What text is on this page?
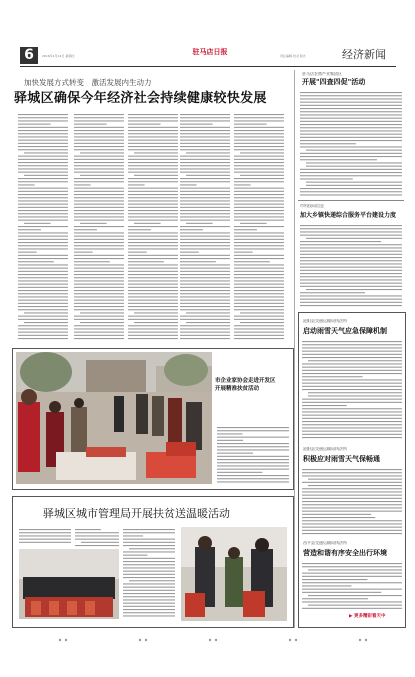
6	2016年1月14日 星期四	驻马店日报	责任编辑 校对 版式	经济新闻
加快发展方式转变　激活发展内生动力
驿城区确保今年经济社会持续健康较快发展
驻马店农商产业集团区
开展"四查四促"活动
市科技局信息
加大乡镇快递综合服务平台建设力度
泌阳县交通运输局执法所
启动雨雪天气应急保障机制
泌阳县交通运输局执法所
积极应对雨雪天气保畅通
西平县交通运输局执法所
营造和谐有序安全出行环境
▶ 更多精彩看天中
市企业家协会走进开发区
开展精准扶贫活动
驿城区城市管理局开展扶贫送温暖活动
